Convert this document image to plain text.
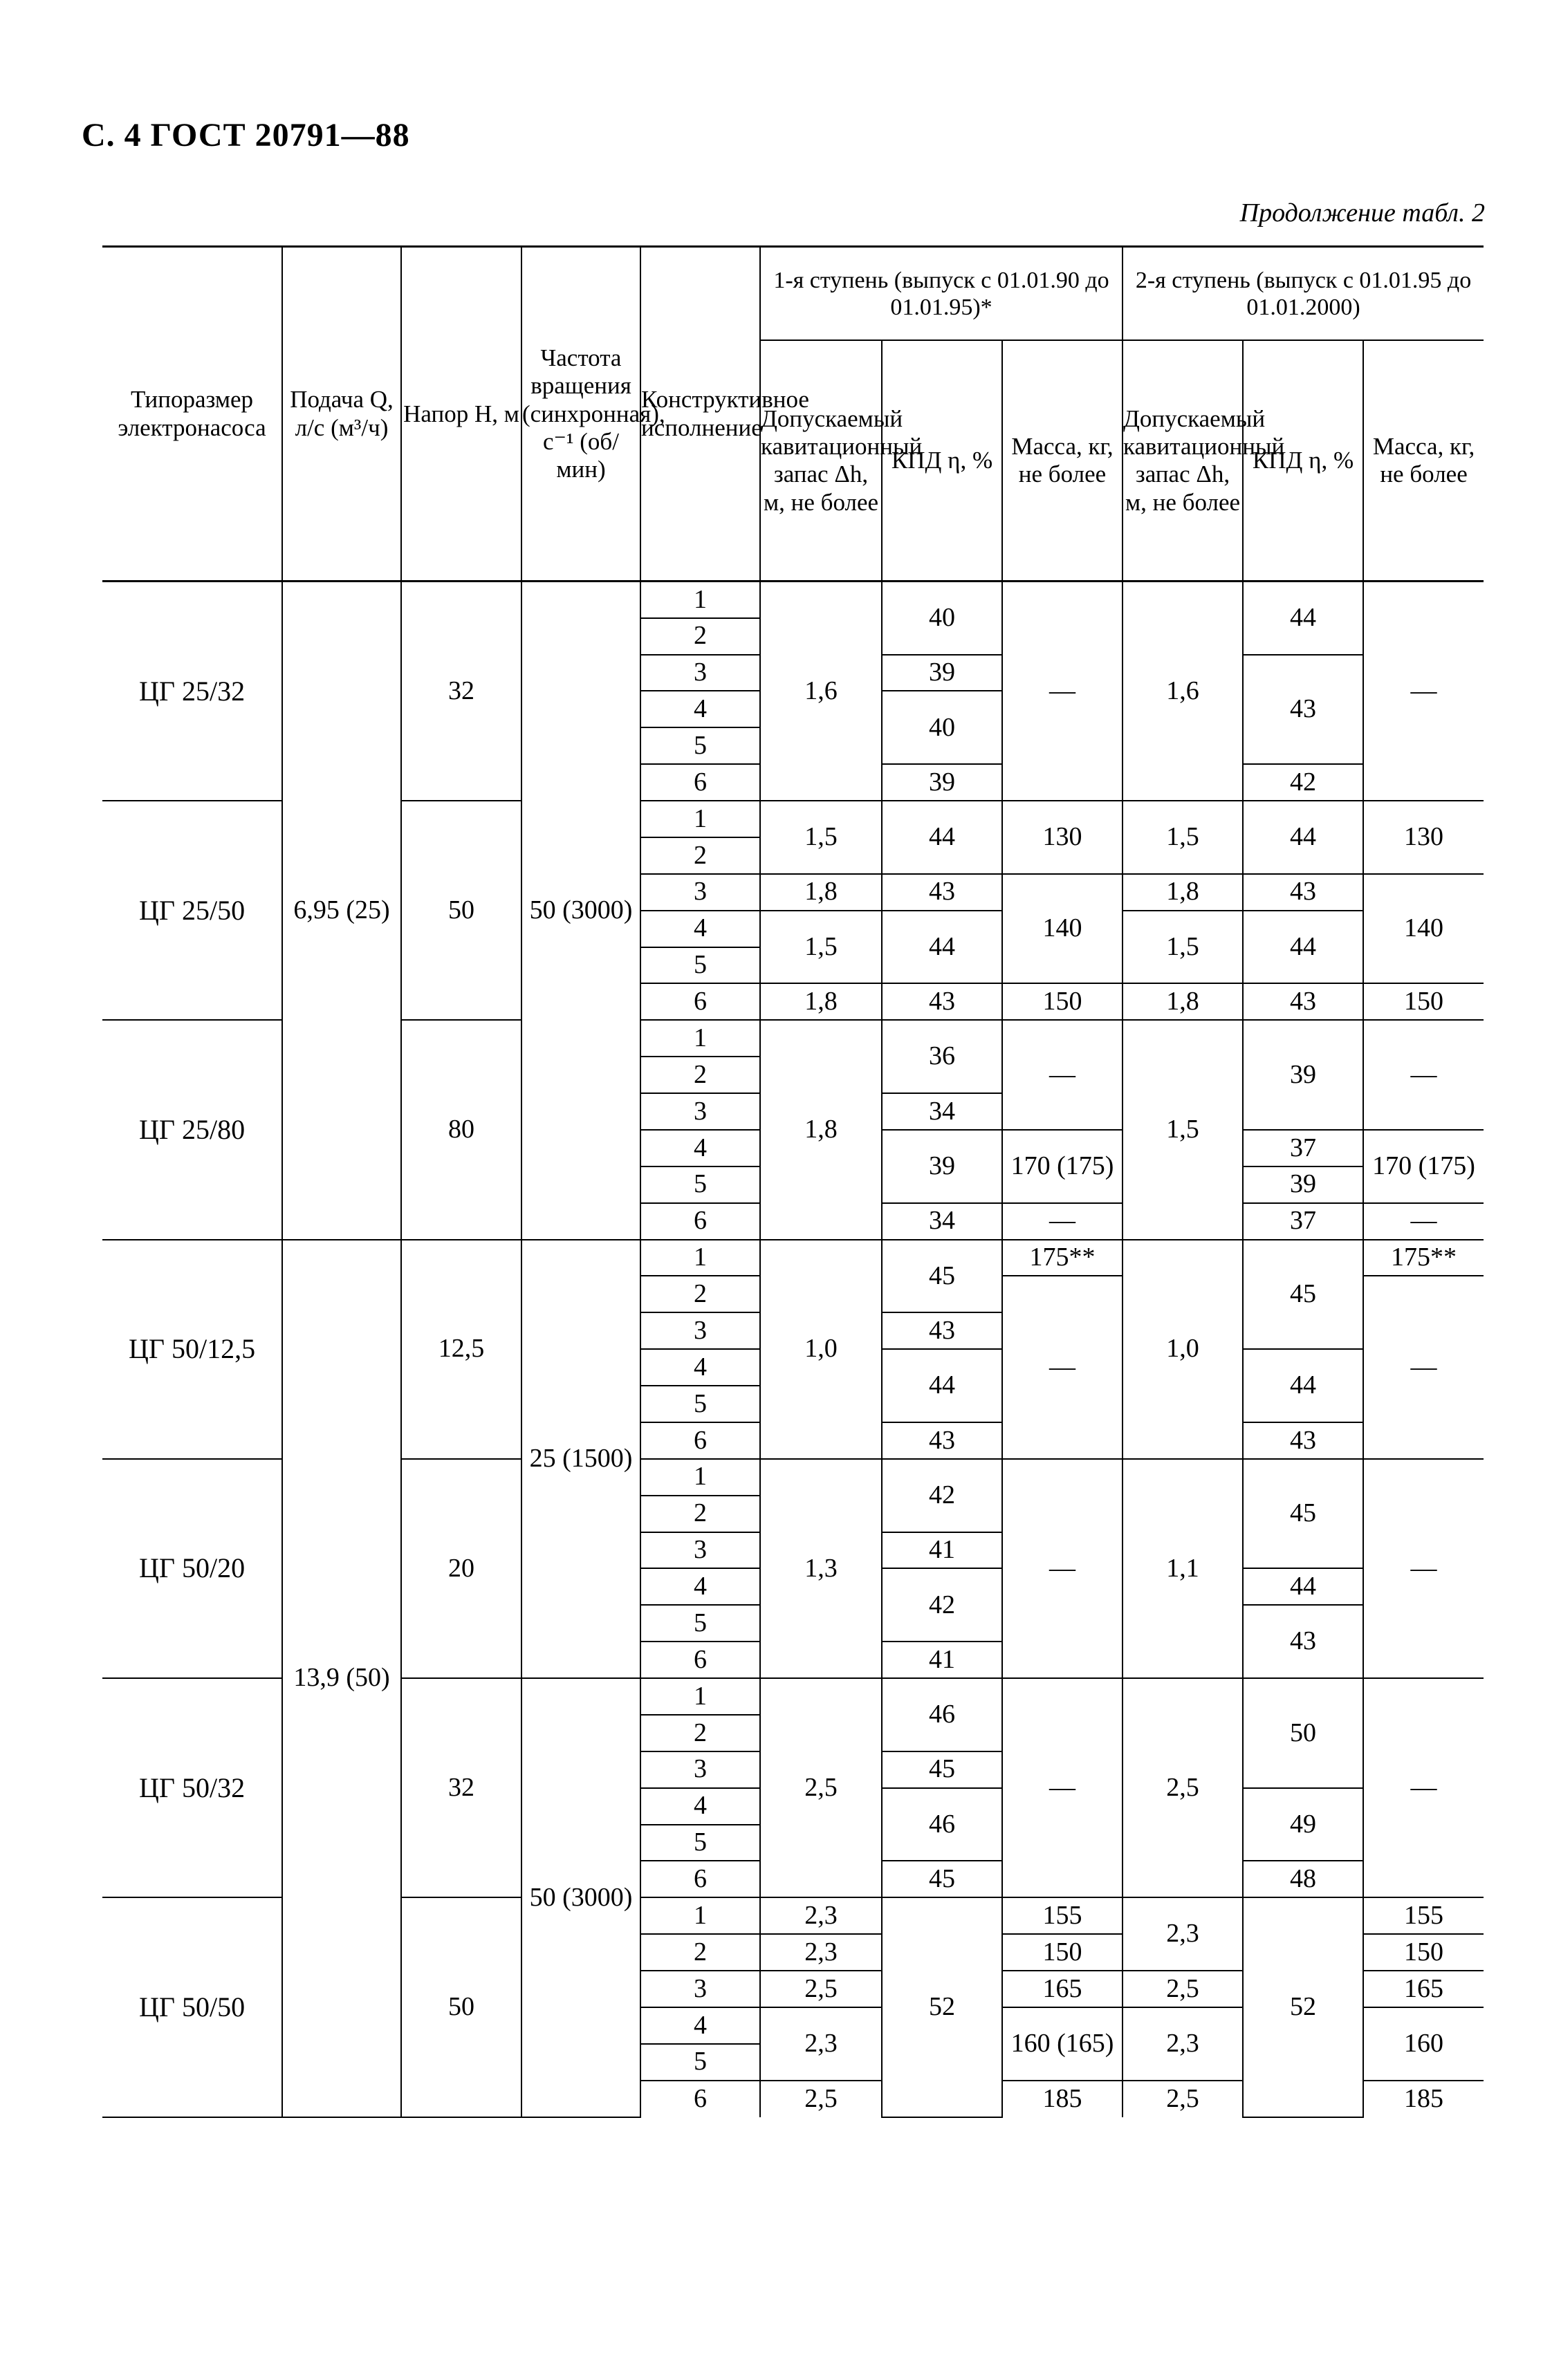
С. 4 ГОСТ 20791—88
Продолжение табл. 2
Типоразмер электронасоса	Подача Q, л/с (м³/ч)	Напор H, м	Частота вращения (синхронная), с⁻¹ (об/мин)	Конструктивное исполнение	1-я ступень (выпуск с 01.01.90 до 01.01.95)*			2-я ступень (выпуск с 01.01.95 до 01.01.2000)		
					Допускаемый кавитационный запас Δh, м, не более	КПД η, %	Масса, кг, не более	Допускаемый кавитационный запас Δh, м, не более	КПД η, %	Масса, кг, не более
ЦГ 25/32	6,95 (25)	32	50 (3000)	1	1,6	40	—	1,6	44	—
				2						
				3		39			43	
				4		40				
				5						
				6		39			42	
ЦГ 25/50		50		1	1,5	44	130	1,5	44	130
				2						
				3	1,8	43	140	1,8	43	140
				4	1,5	44		1,5	44	
				5						
				6	1,8	43	150	1,8	43	150
ЦГ 25/80		80		1	1,8	36	—	1,5	39	—
				2						
				3		34				
				4		39	170 (175)		37	170 (175)
				5					39	
				6		34	—		37	—
ЦГ 50/12,5	13,9 (50)	12,5	25 (1500)	1	1,0	45	175**	1,0	45	175**
				2			—			—
				3		43				
				4		44			44	
				5						
				6		43			43	
ЦГ 50/20		20		1	1,3	42	—	1,1	45	—
				2						
				3		41				
				4		42			44	
				5					43	
				6		41				
ЦГ 50/32		32	50 (3000)	1	2,5	46	—	2,5	50	—
				2						
				3		45				
				4		46			49	
				5						
				6		45			48	
ЦГ 50/50		50		1	2,3	52	155	2,3	52	155
				2	2,3		150			150
				3	2,5		165	2,5		165
				4	2,3		160 (165)	2,3		160
				5						
				6	2,5		185	2,5		185
